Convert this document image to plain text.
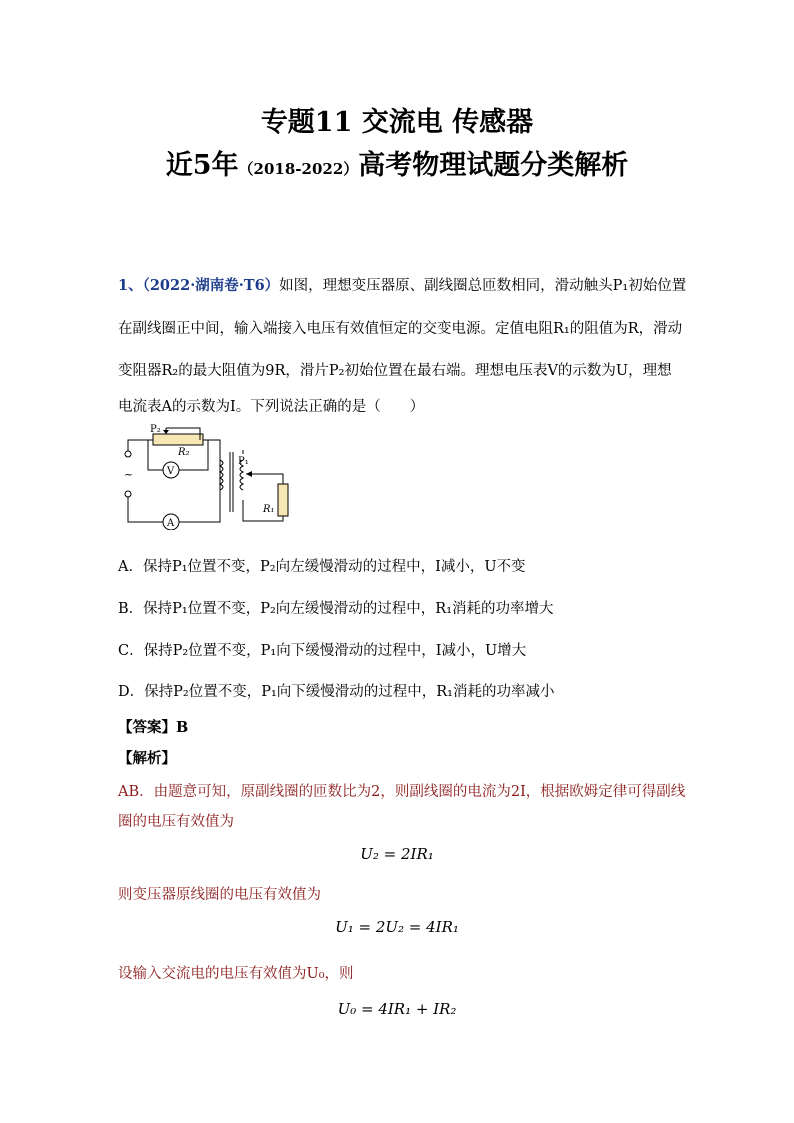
专题11 交流电 传感器
近5年（2018-2022）高考物理试题分类解析
1、（2022·湖南卷·T6）如图，理想变压器原、副线圈总匝数相同，滑动触头P₁初始位置
在副线圈正中间，输入端接入电压有效值恒定的交变电源。定值电阻R₁的阻值为R，滑动
变阻器R₂的最大阻值为9R，滑片P₂初始位置在最右端。理想电压表V的示数为U，理想
电流表A的示数为I。下列说法正确的是（　　）
P₂
R₂
V
P₁
R₁
A
~
A．保持P₁位置不变，P₂向左缓慢滑动的过程中，I减小，U不变
B．保持P₁位置不变，P₂向左缓慢滑动的过程中，R₁消耗的功率增大
C．保持P₂位置不变，P₁向下缓慢滑动的过程中，I减小，U增大
D．保持P₂位置不变，P₁向下缓慢滑动的过程中，R₁消耗的功率减小
【答案】B
【解析】
AB．由题意可知，原副线圈的匝数比为2，则副线圈的电流为2I，根据欧姆定律可得副线
圈的电压有效值为
U₂ = 2IR₁
则变压器原线圈的电压有效值为
U₁ = 2U₂ = 4IR₁
设输入交流电的电压有效值为U₀，则
U₀ = 4IR₁ + IR₂
